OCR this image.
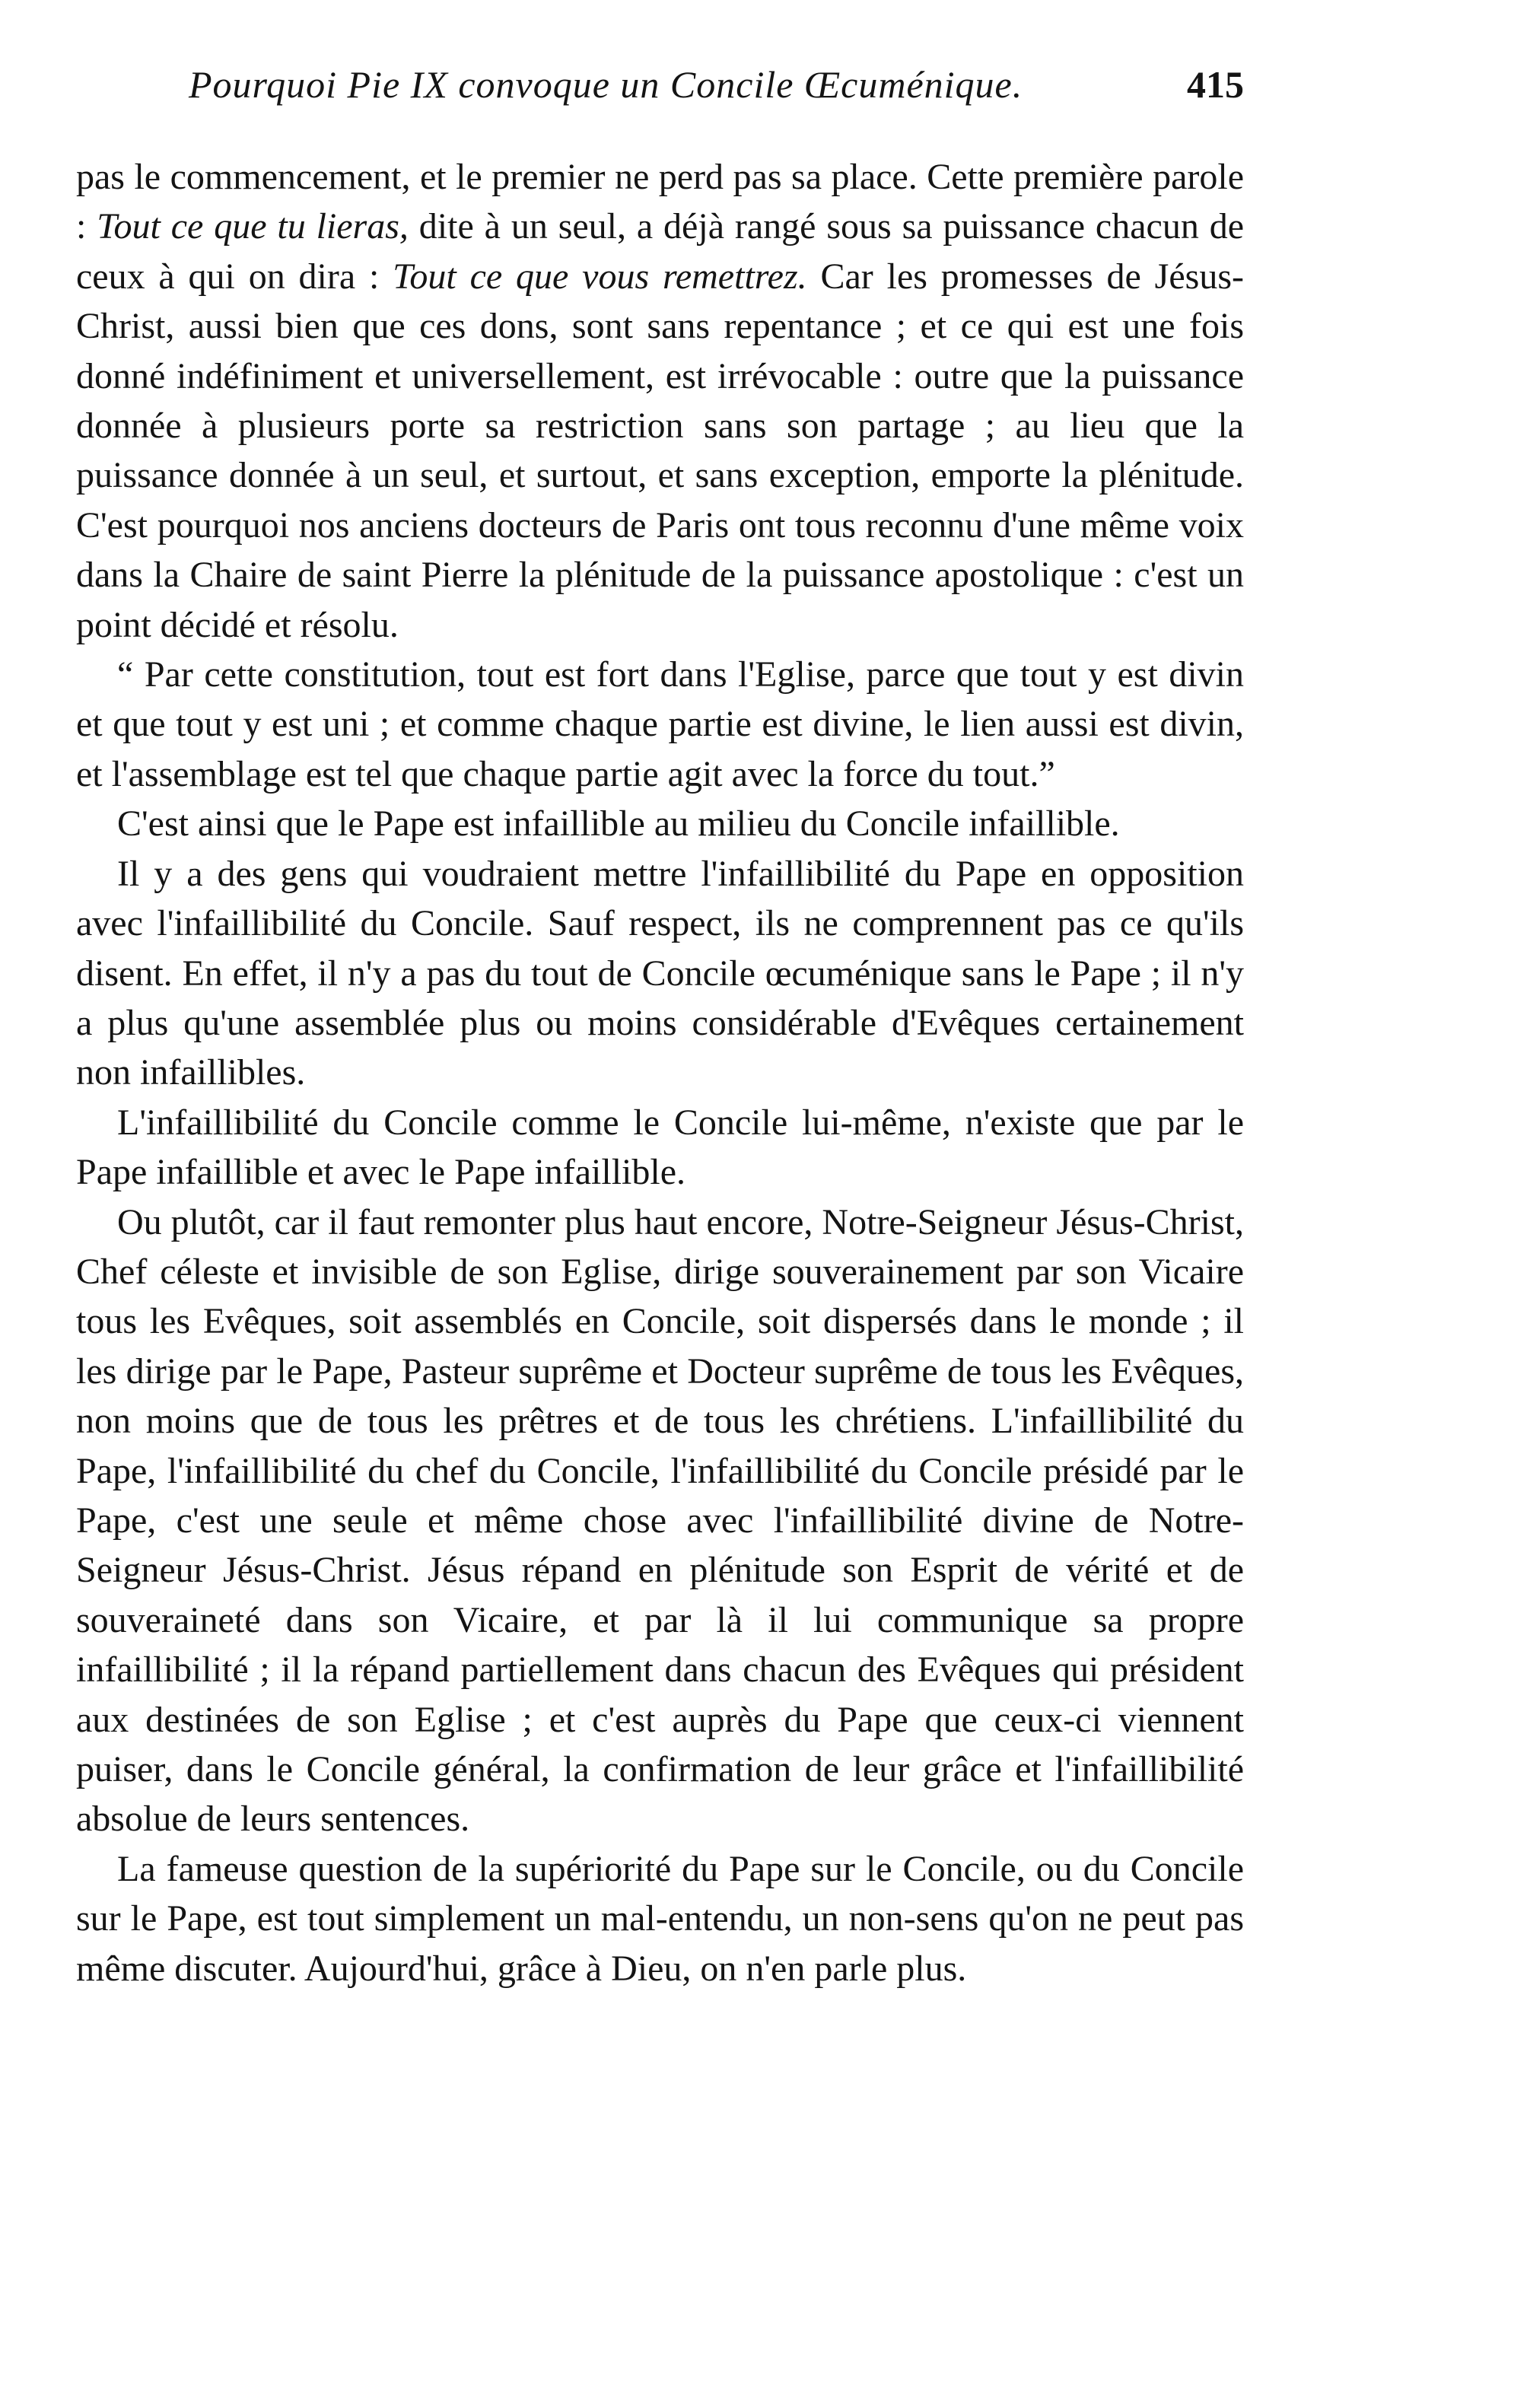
Pourquoi Pie IX convoque un Concile Œcuménique.	415

pas le commencement, et le premier ne perd pas sa place. Cette première parole : Tout ce que tu lieras, dite à un seul, a déjà rangé sous sa puissance chacun de ceux à qui on dira : Tout ce que vous remettrez. Car les promesses de Jésus-Christ, aussi bien que ces dons, sont sans repentance ; et ce qui est une fois donné indéfiniment et universellement, est irrévocable : outre que la puissance donnée à plusieurs porte sa restriction sans son partage ; au lieu que la puissance donnée à un seul, et surtout, et sans exception, emporte la plénitude. C'est pourquoi nos anciens docteurs de Paris ont tous reconnu d'une même voix dans la Chaire de saint Pierre la plénitude de la puissance apostolique : c'est un point décidé et résolu.

“ Par cette constitution, tout est fort dans l'Eglise, parce que tout y est divin et que tout y est uni ; et comme chaque partie est divine, le lien aussi est divin, et l'assemblage est tel que chaque partie agit avec la force du tout.”

C'est ainsi que le Pape est infaillible au milieu du Concile infaillible.

Il y a des gens qui voudraient mettre l'infaillibilité du Pape en opposition avec l'infaillibilité du Concile. Sauf respect, ils ne comprennent pas ce qu'ils disent. En effet, il n'y a pas du tout de Concile œcuménique sans le Pape ; il n'y a plus qu'une assemblée plus ou moins considérable d'Evêques certainement non infaillibles.

L'infaillibilité du Concile comme le Concile lui-même, n'existe que par le Pape infaillible et avec le Pape infaillible.

Ou plutôt, car il faut remonter plus haut encore, Notre-Seigneur Jésus-Christ, Chef céleste et invisible de son Eglise, dirige souverainement par son Vicaire tous les Evêques, soit assemblés en Concile, soit dispersés dans le monde ; il les dirige par le Pape, Pasteur suprême et Docteur suprême de tous les Evêques, non moins que de tous les prêtres et de tous les chrétiens. L'infaillibilité du Pape, l'infaillibilité du chef du Concile, l'infaillibilité du Concile présidé par le Pape, c'est une seule et même chose avec l'infaillibilité divine de Notre-Seigneur Jésus-Christ. Jésus répand en plénitude son Esprit de vérité et de souveraineté dans son Vicaire, et par là il lui communique sa propre infaillibilité ; il la répand partiellement dans chacun des Evêques qui président aux destinées de son Eglise ; et c'est auprès du Pape que ceux-ci viennent puiser, dans le Concile général, la confirmation de leur grâce et l'infaillibilité absolue de leurs sentences.

La fameuse question de la supériorité du Pape sur le Concile, ou du Concile sur le Pape, est tout simplement un mal-entendu, un non-sens qu'on ne peut pas même discuter. Aujourd'hui, grâce à Dieu, on n'en parle plus.
